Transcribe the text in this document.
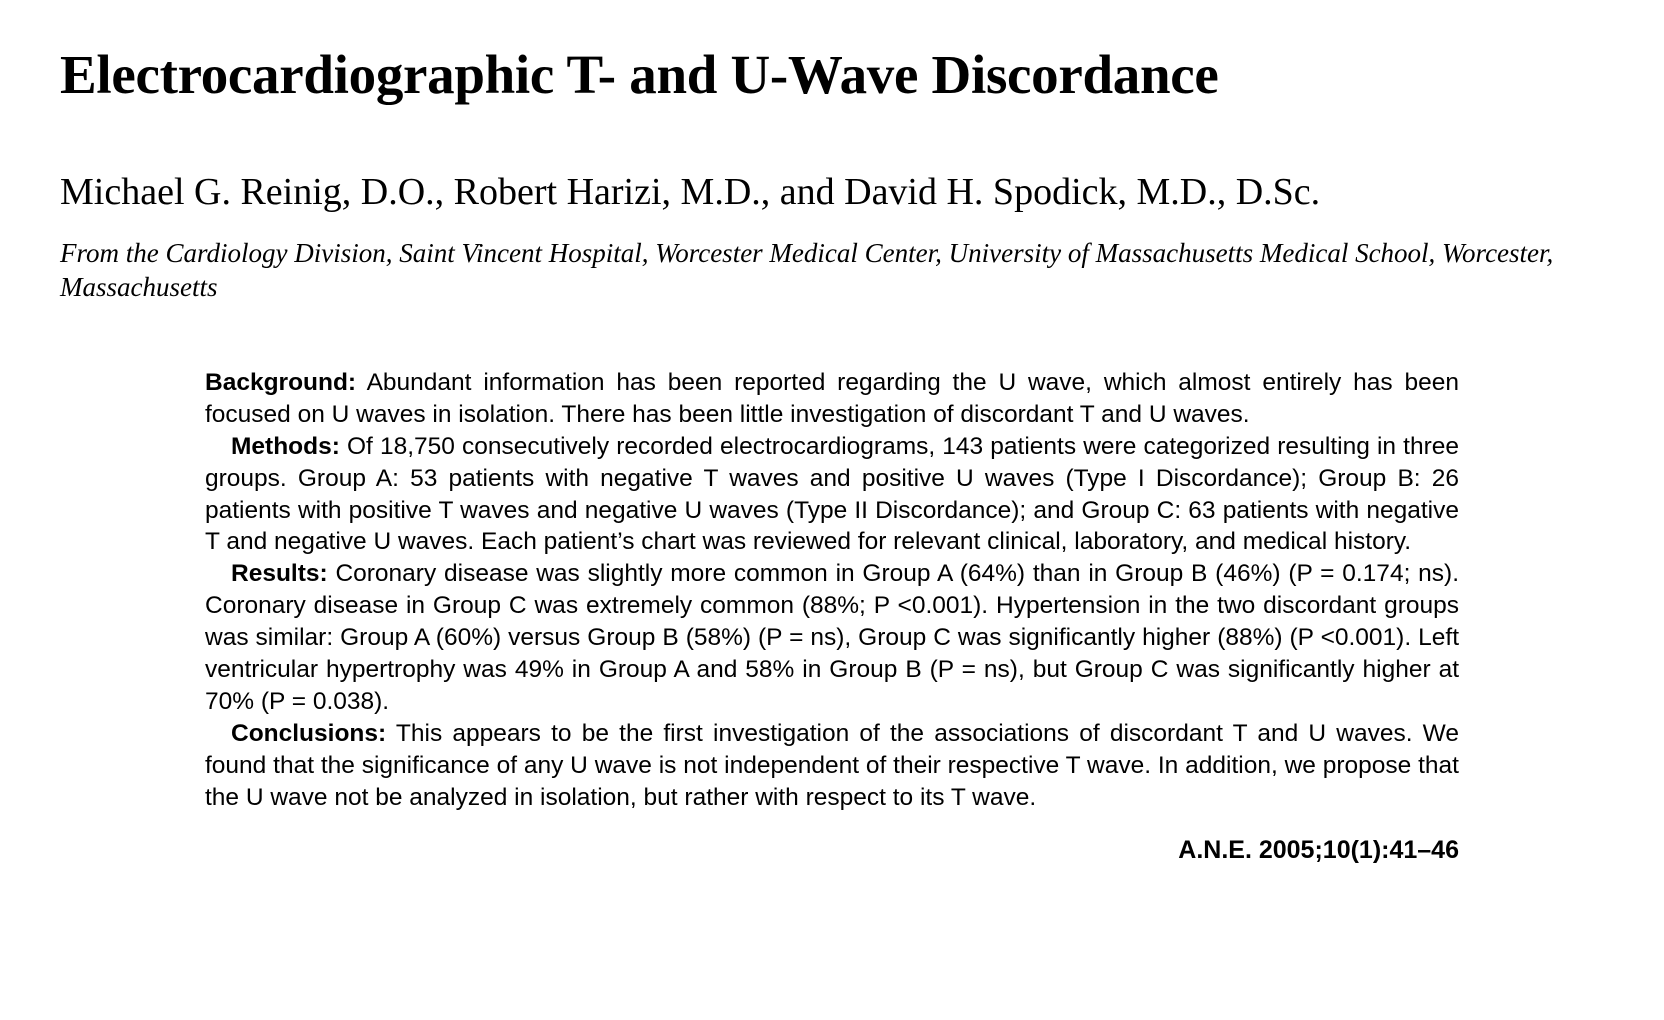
Electrocardiographic T- and U-Wave Discordance
Michael G. Reinig, D.O., Robert Harizi, M.D., and David H. Spodick, M.D., D.Sc.
From the Cardiology Division, Saint Vincent Hospital, Worcester Medical Center, University of Massachusetts Medical School, Worcester, Massachusetts

Background: Abundant information has been reported regarding the U wave, which almost entirely has been focused on U waves in isolation. There has been little investigation of discordant T and U waves.

Methods: Of 18,750 consecutively recorded electrocardiograms, 143 patients were categorized resulting in three groups. Group A: 53 patients with negative T waves and positive U waves (Type I Discordance); Group B: 26 patients with positive T waves and negative U waves (Type II Discordance); and Group C: 63 patients with negative T and negative U waves. Each patient’s chart was reviewed for relevant clinical, laboratory, and medical history.

Results: Coronary disease was slightly more common in Group A (64%) than in Group B (46%) (P = 0.174; ns). Coronary disease in Group C was extremely common (88%; P <0.001). Hypertension in the two discordant groups was similar: Group A (60%) versus Group B (58%) (P = ns), Group C was significantly higher (88%) (P <0.001). Left ventricular hypertrophy was 49% in Group A and 58% in Group B (P = ns), but Group C was significantly higher at 70% (P = 0.038).

Conclusions: This appears to be the first investigation of the associations of discordant T and U waves. We found that the significance of any U wave is not independent of their respective T wave. In addition, we propose that the U wave not be analyzed in isolation, but rather with respect to its T wave.

A.N.E. 2005;10(1):41–46
